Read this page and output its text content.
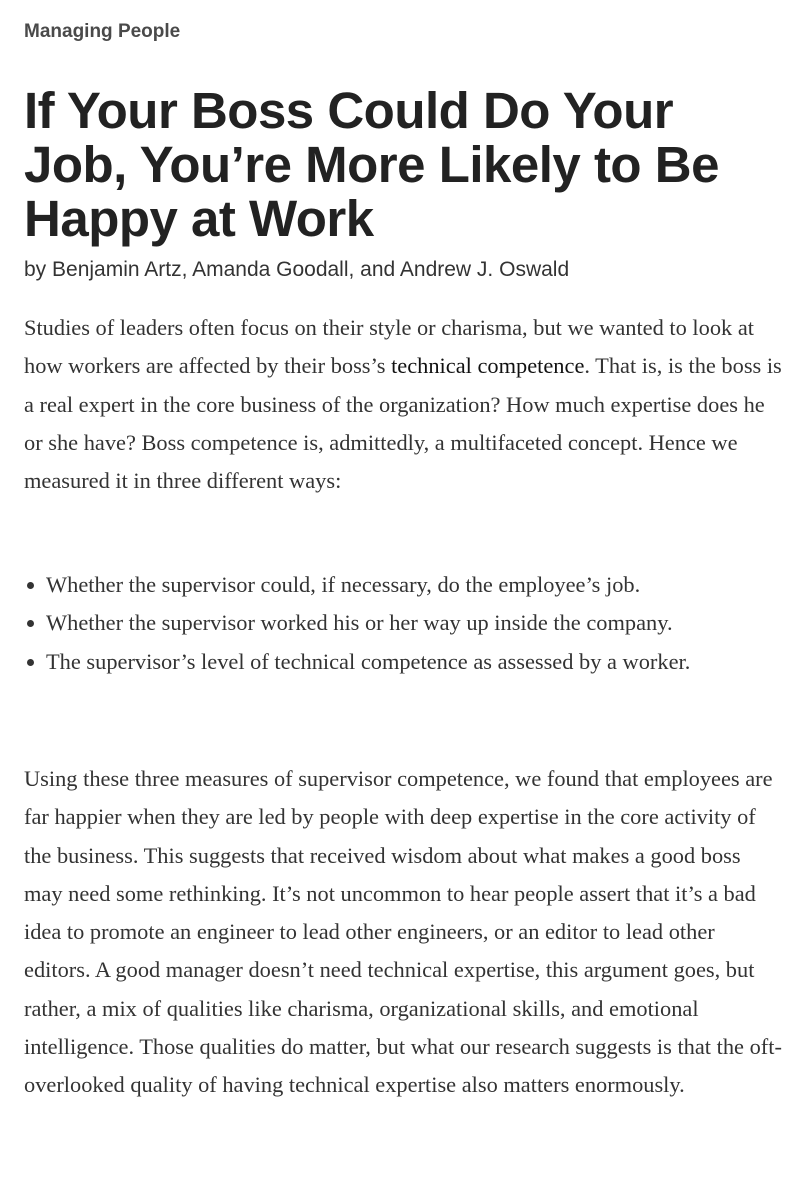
Managing People
If Your Boss Could Do Your Job, You’re More Likely to Be Happy at Work
by Benjamin Artz, Amanda Goodall, and Andrew J. Oswald

Studies of leaders often focus on their style or charisma, but we wanted to look at how workers are affected by their boss’s technical competence. That is, is the boss is a real expert in the core business of the organization? How much expertise does he or she have? Boss competence is, admittedly, a multifaceted concept. Hence we measured it in three different ways:

Whether the supervisor could, if necessary, do the employee’s job.
Whether the supervisor worked his or her way up inside the company.
The supervisor’s level of technical competence as assessed by a worker.

Using these three measures of supervisor competence, we found that employees are far happier when they are led by people with deep expertise in the core activity of the business. This suggests that received wisdom about what makes a good boss may need some rethinking. It’s not uncommon to hear people assert that it’s a bad idea to promote an engineer to lead other engineers, or an editor to lead other editors. A good manager doesn’t need technical expertise, this argument goes, but rather, a mix of qualities like charisma, organizational skills, and emotional intelligence. Those qualities do matter, but what our research suggests is that the oft-overlooked quality of having technical expertise also matters enormously.
